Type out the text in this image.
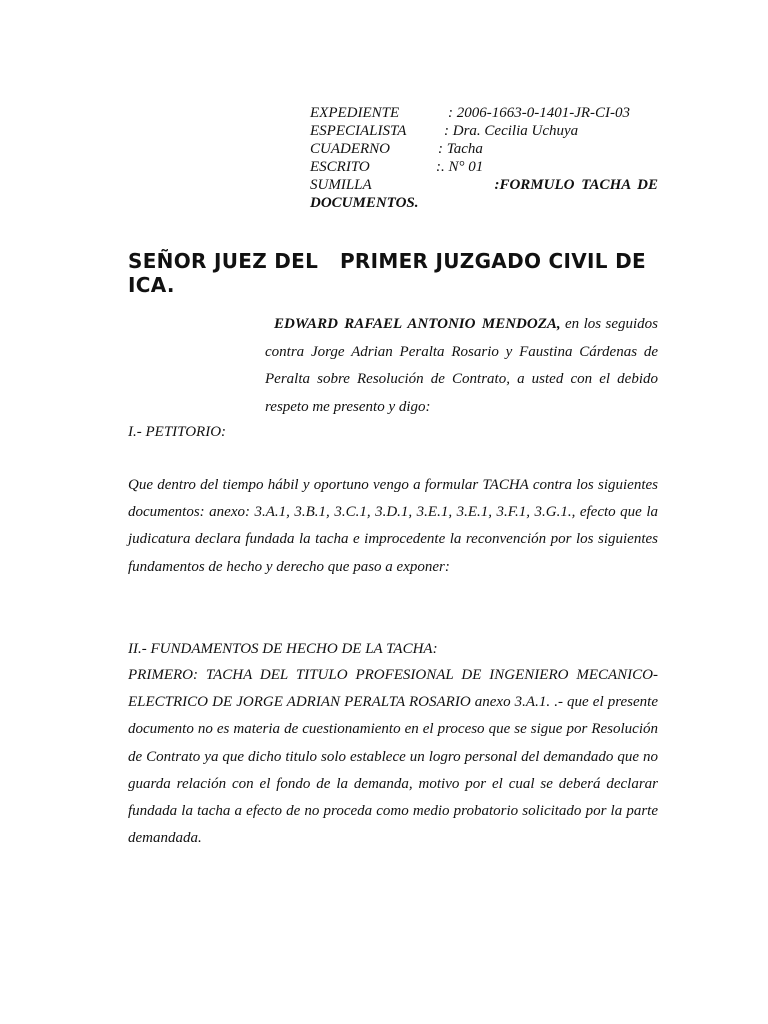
EXPEDIENTE	: 2006-1663-0-1401-JR-CI-03
ESPECIALISTA	: Dra. Cecilia Uchuya
CUADERNO	: Tacha
ESCRITO	:. N° 01
SUMILLA	:FORMULO TACHA DE
DOCUMENTOS.
SEÑOR JUEZ DEL   PRIMER JUZGADO CIVIL DE
ICA.
EDWARD RAFAEL ANTONIO MENDOZA, en los seguidos contra Jorge Adrian Peralta Rosario y Faustina Cárdenas de Peralta sobre Resolución de Contrato, a usted con el debido respeto me presento y digo:
I.- PETITORIO:
Que dentro del tiempo hábil y oportuno vengo a formular TACHA contra los siguientes documentos: anexo: 3.A.1, 3.B.1, 3.C.1, 3.D.1, 3.E.1, 3.E.1, 3.F.1, 3.G.1., efecto que la judicatura declara fundada la tacha e improcedente la reconvención por los siguientes fundamentos de hecho y derecho que paso a exponer:
II.- FUNDAMENTOS DE HECHO DE LA TACHA:
PRIMERO: TACHA DEL TITULO PROFESIONAL DE INGENIERO MECANICO-ELECTRICO DE JORGE ADRIAN PERALTA ROSARIO anexo 3.A.1. .- que el presente documento no es materia de cuestionamiento en el proceso que se sigue por Resolución de Contrato ya que dicho titulo solo establece un logro personal del demandado que no guarda relación con el fondo de la demanda, motivo por el cual se deberá declarar fundada la tacha a efecto de no proceda como medio probatorio solicitado por la parte demandada.
